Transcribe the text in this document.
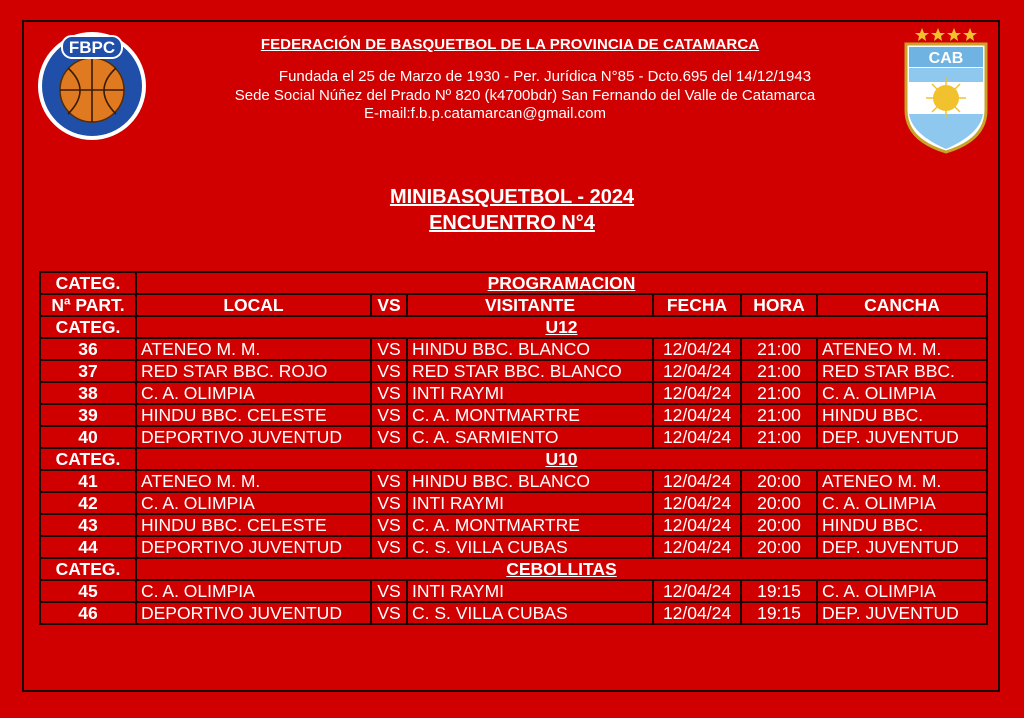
FBPC
CAB
FEDERACIÓN DE BASQUETBOL DE LA PROVINCIA DE CATAMARCA
Fundada el 25 de Marzo de 1930 - Per. Jurídica N°85 - Dcto.695 del 14/12/1943
Sede Social Núñez del Prado Nº 820 (k4700bdr) San Fernando del Valle de Catamarca
E-mail:f.b.p.catamarcan@gmail.com
MINIBASQUETBOL - 2024
ENCUENTRO N°4
CATEG.	PROGRAMACION					
Nª PART.	LOCAL	VS	VISITANTE	FECHA	HORA	CANCHA
CATEG.	U12					
36	ATENEO M. M.	VS	HINDU BBC. BLANCO	12/04/24	21:00	ATENEO M. M.
37	RED STAR BBC. ROJO	VS	RED STAR BBC. BLANCO	12/04/24	21:00	RED STAR BBC.
38	C. A. OLIMPIA	VS	INTI RAYMI	12/04/24	21:00	C. A. OLIMPIA
39	HINDU BBC. CELESTE	VS	C. A. MONTMARTRE	12/04/24	21:00	HINDU BBC.
40	DEPORTIVO JUVENTUD	VS	C. A. SARMIENTO	12/04/24	21:00	DEP. JUVENTUD
CATEG.	U10					
41	ATENEO M. M.	VS	HINDU BBC. BLANCO	12/04/24	20:00	ATENEO M. M.
42	C. A. OLIMPIA	VS	INTI RAYMI	12/04/24	20:00	C. A. OLIMPIA
43	HINDU BBC. CELESTE	VS	C. A. MONTMARTRE	12/04/24	20:00	HINDU BBC.
44	DEPORTIVO JUVENTUD	VS	C. S. VILLA CUBAS	12/04/24	20:00	DEP. JUVENTUD
CATEG.	CEBOLLITAS					
45	C. A. OLIMPIA	VS	INTI RAYMI	12/04/24	19:15	C. A. OLIMPIA
46	DEPORTIVO JUVENTUD	VS	C. S. VILLA CUBAS	12/04/24	19:15	DEP. JUVENTUD
